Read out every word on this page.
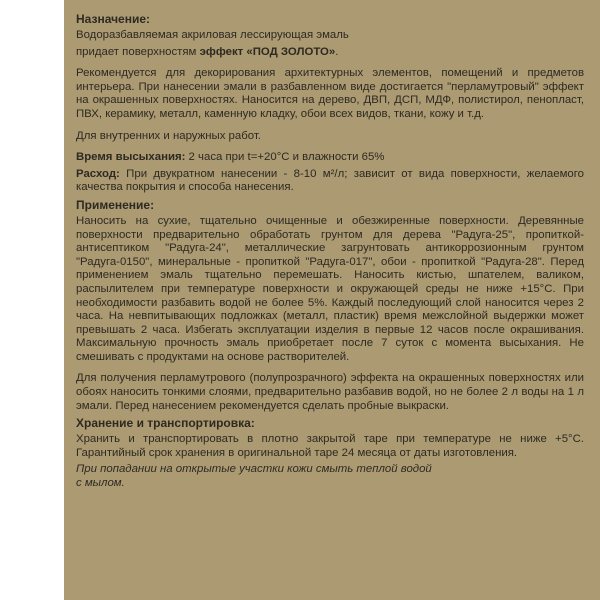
Назначение:

Водоразбавляемая акриловая лессирующая эмаль

придает поверхностям эффект «ПОД ЗОЛОТО».

Рекомендуется для декорирования архитектурных элементов, помещений и предметов интерьера. При нанесении эмали в разбавленном виде достигается "перламутровый" эффект на окрашенных поверхностях. Наносится на дерево, ДВП, ДСП, МДФ, полистирол, пенопласт, ПВХ, керамику, металл, каменную кладку, обои всех видов, ткани, кожу и т.д.

Для внутренних и наружных работ.

Время высыхания: 2 часа при t=+20°С и влажности 65%

Расход: При двукратном нанесении - 8-10 м²/л; зависит от вида поверхности, желаемого качества покрытия и способа нанесения.

Применение:

Наносить на сухие, тщательно очищенные и обезжиренные поверхности. Деревянные поверхности предварительно обработать грунтом для дерева "Радуга-25", пропиткой-антисептиком "Радуга-24", металлические загрунтовать антикоррозионным грунтом "Радуга-0150", минеральные - пропиткой "Радуга-017", обои - пропиткой "Радуга-28". Перед применением эмаль тщательно перемешать. Наносить кистью, шпателем, валиком, распылителем при температуре поверхности и окружающей среды не ниже +15°С. При необходимости разбавить водой не более 5%. Каждый последующий слой наносится через 2 часа. На невпитывающих подложках (металл, пластик) время межслойной выдержки может превышать 2 часа. Избегать эксплуатации изделия в первые 12 часов после окрашивания. Максимальную прочность эмаль приобретает после 7 суток с момента высыхания. Не смешивать с продуктами на основе растворителей.

Для получения перламутрового (полупрозрачного) эффекта на окрашенных поверхностях или обоях наносить тонкими слоями, предварительно разбавив водой, но не более 2 л воды на 1 л эмали. Перед нанесением рекомендуется сделать пробные выкраски.

Хранение и транспортировка:

Хранить и транспортировать в плотно закрытой таре при температуре не ниже +5°С. Гарантийный срок хранения в оригинальной таре 24 месяца от даты изготовления.

При попадании на открытые участки кожи смыть теплой водой

с мылом.
